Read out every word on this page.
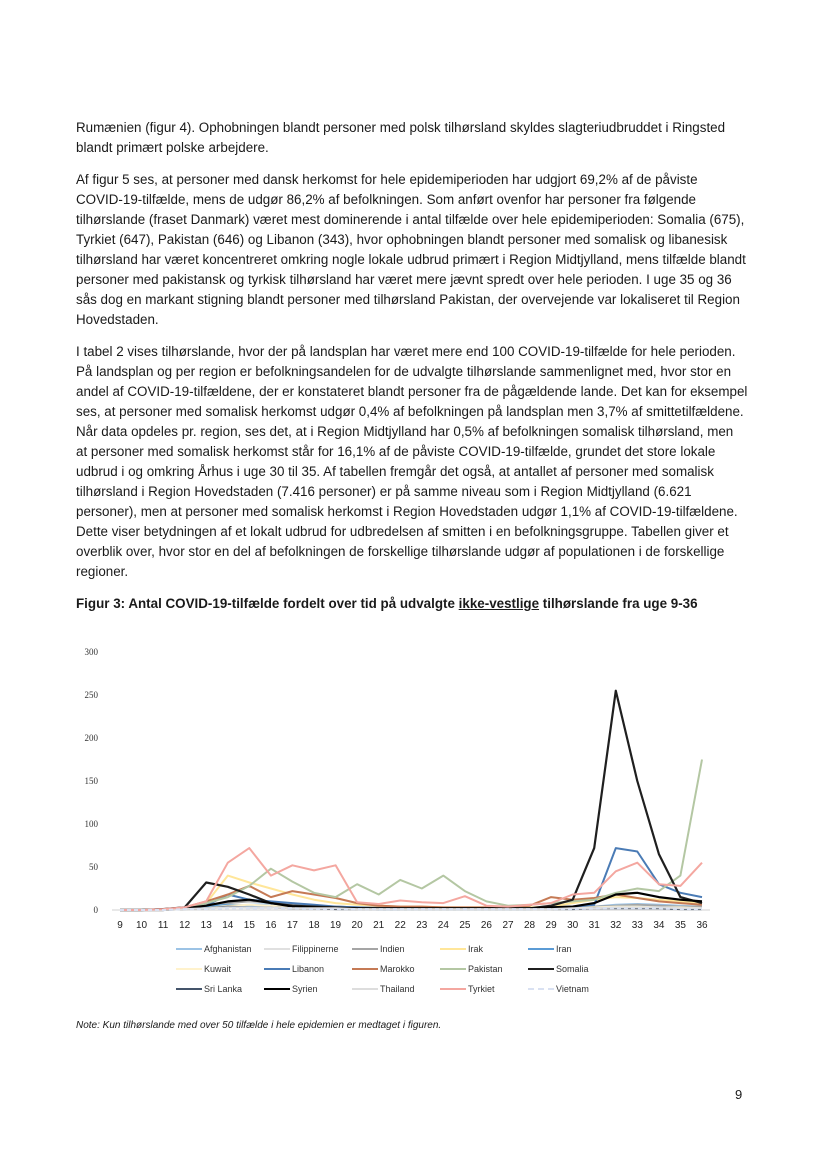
Rumænien (figur 4). Ophobningen blandt personer med polsk tilhørsland skyldes slagteriudbruddet i Ringsted blandt primært polske arbejdere.

Af figur 5 ses, at personer med dansk herkomst for hele epidemiperioden har udgjort 69,2% af de påviste COVID-19-tilfælde, mens de udgør 86,2% af befolkningen. Som anført ovenfor har personer fra følgende tilhørslande (fraset Danmark) været mest dominerende i antal tilfælde over hele epidemiperioden: Somalia (675), Tyrkiet (647), Pakistan (646) og Libanon (343), hvor ophobningen blandt personer med somalisk og libanesisk tilhørsland har været koncentreret omkring nogle lokale udbrud primært i Region Midtjylland, mens tilfælde blandt personer med pakistansk og tyrkisk tilhørsland har været mere jævnt spredt over hele perioden. I uge 35 og 36 sås dog en markant stigning blandt personer med tilhørsland Pakistan, der overvejende var lokaliseret til Region Hovedstaden.

I tabel 2 vises tilhørslande, hvor der på landsplan har været mere end 100 COVID-19-tilfælde for hele perioden. På landsplan og per region er befolkningsandelen for de udvalgte tilhørslande sammenlignet med, hvor stor en andel af COVID-19-tilfældene, der er konstateret blandt personer fra de pågældende lande. Det kan for eksempel ses, at personer med somalisk herkomst udgør 0,4% af befolkningen på landsplan men 3,7% af smittetilfældene. Når data opdeles pr. region, ses det, at i Region Midtjylland har 0,5% af befolkningen somalisk tilhørsland, men at personer med somalisk herkomst står for 16,1% af de påviste COVID-19-tilfælde, grundet det store lokale udbrud i og omkring Århus i uge 30 til 35. Af tabellen fremgår det også, at antallet af personer med somalisk tilhørsland i Region Hovedstaden (7.416 personer) er på samme niveau som i Region Midtjylland (6.621 personer), men at personer med somalisk herkomst i Region Hovedstaden udgør 1,1% af COVID-19-tilfældene. Dette viser betydningen af et lokalt udbrud for udbredelsen af smitten i en befolkningsgruppe. Tabellen giver et overblik over, hvor stor en del af befolkningen de forskellige tilhørslande udgør af populationen i de forskellige regioner.

Figur 3: Antal COVID-19-tilfælde fordelt over tid på udvalgte ikke-vestlige tilhørslande fra uge 9-36

0
50
100
150
200
250
300
9 10 11 12 13 14 15 16 17 18 19 20 21 22 23 24 25 26 27 28 29 30 31 32 33 34 35 36
Afghanistan	Filippinerne	Indien	Irak	Iran
Kuwait	Libanon	Marokko	Pakistan	Somalia
Sri Lanka	Syrien	Thailand	Tyrkiet	Vietnam

Note: Kun tilhørslande med over 50 tilfælde i hele epidemien er medtaget i figuren.

9
